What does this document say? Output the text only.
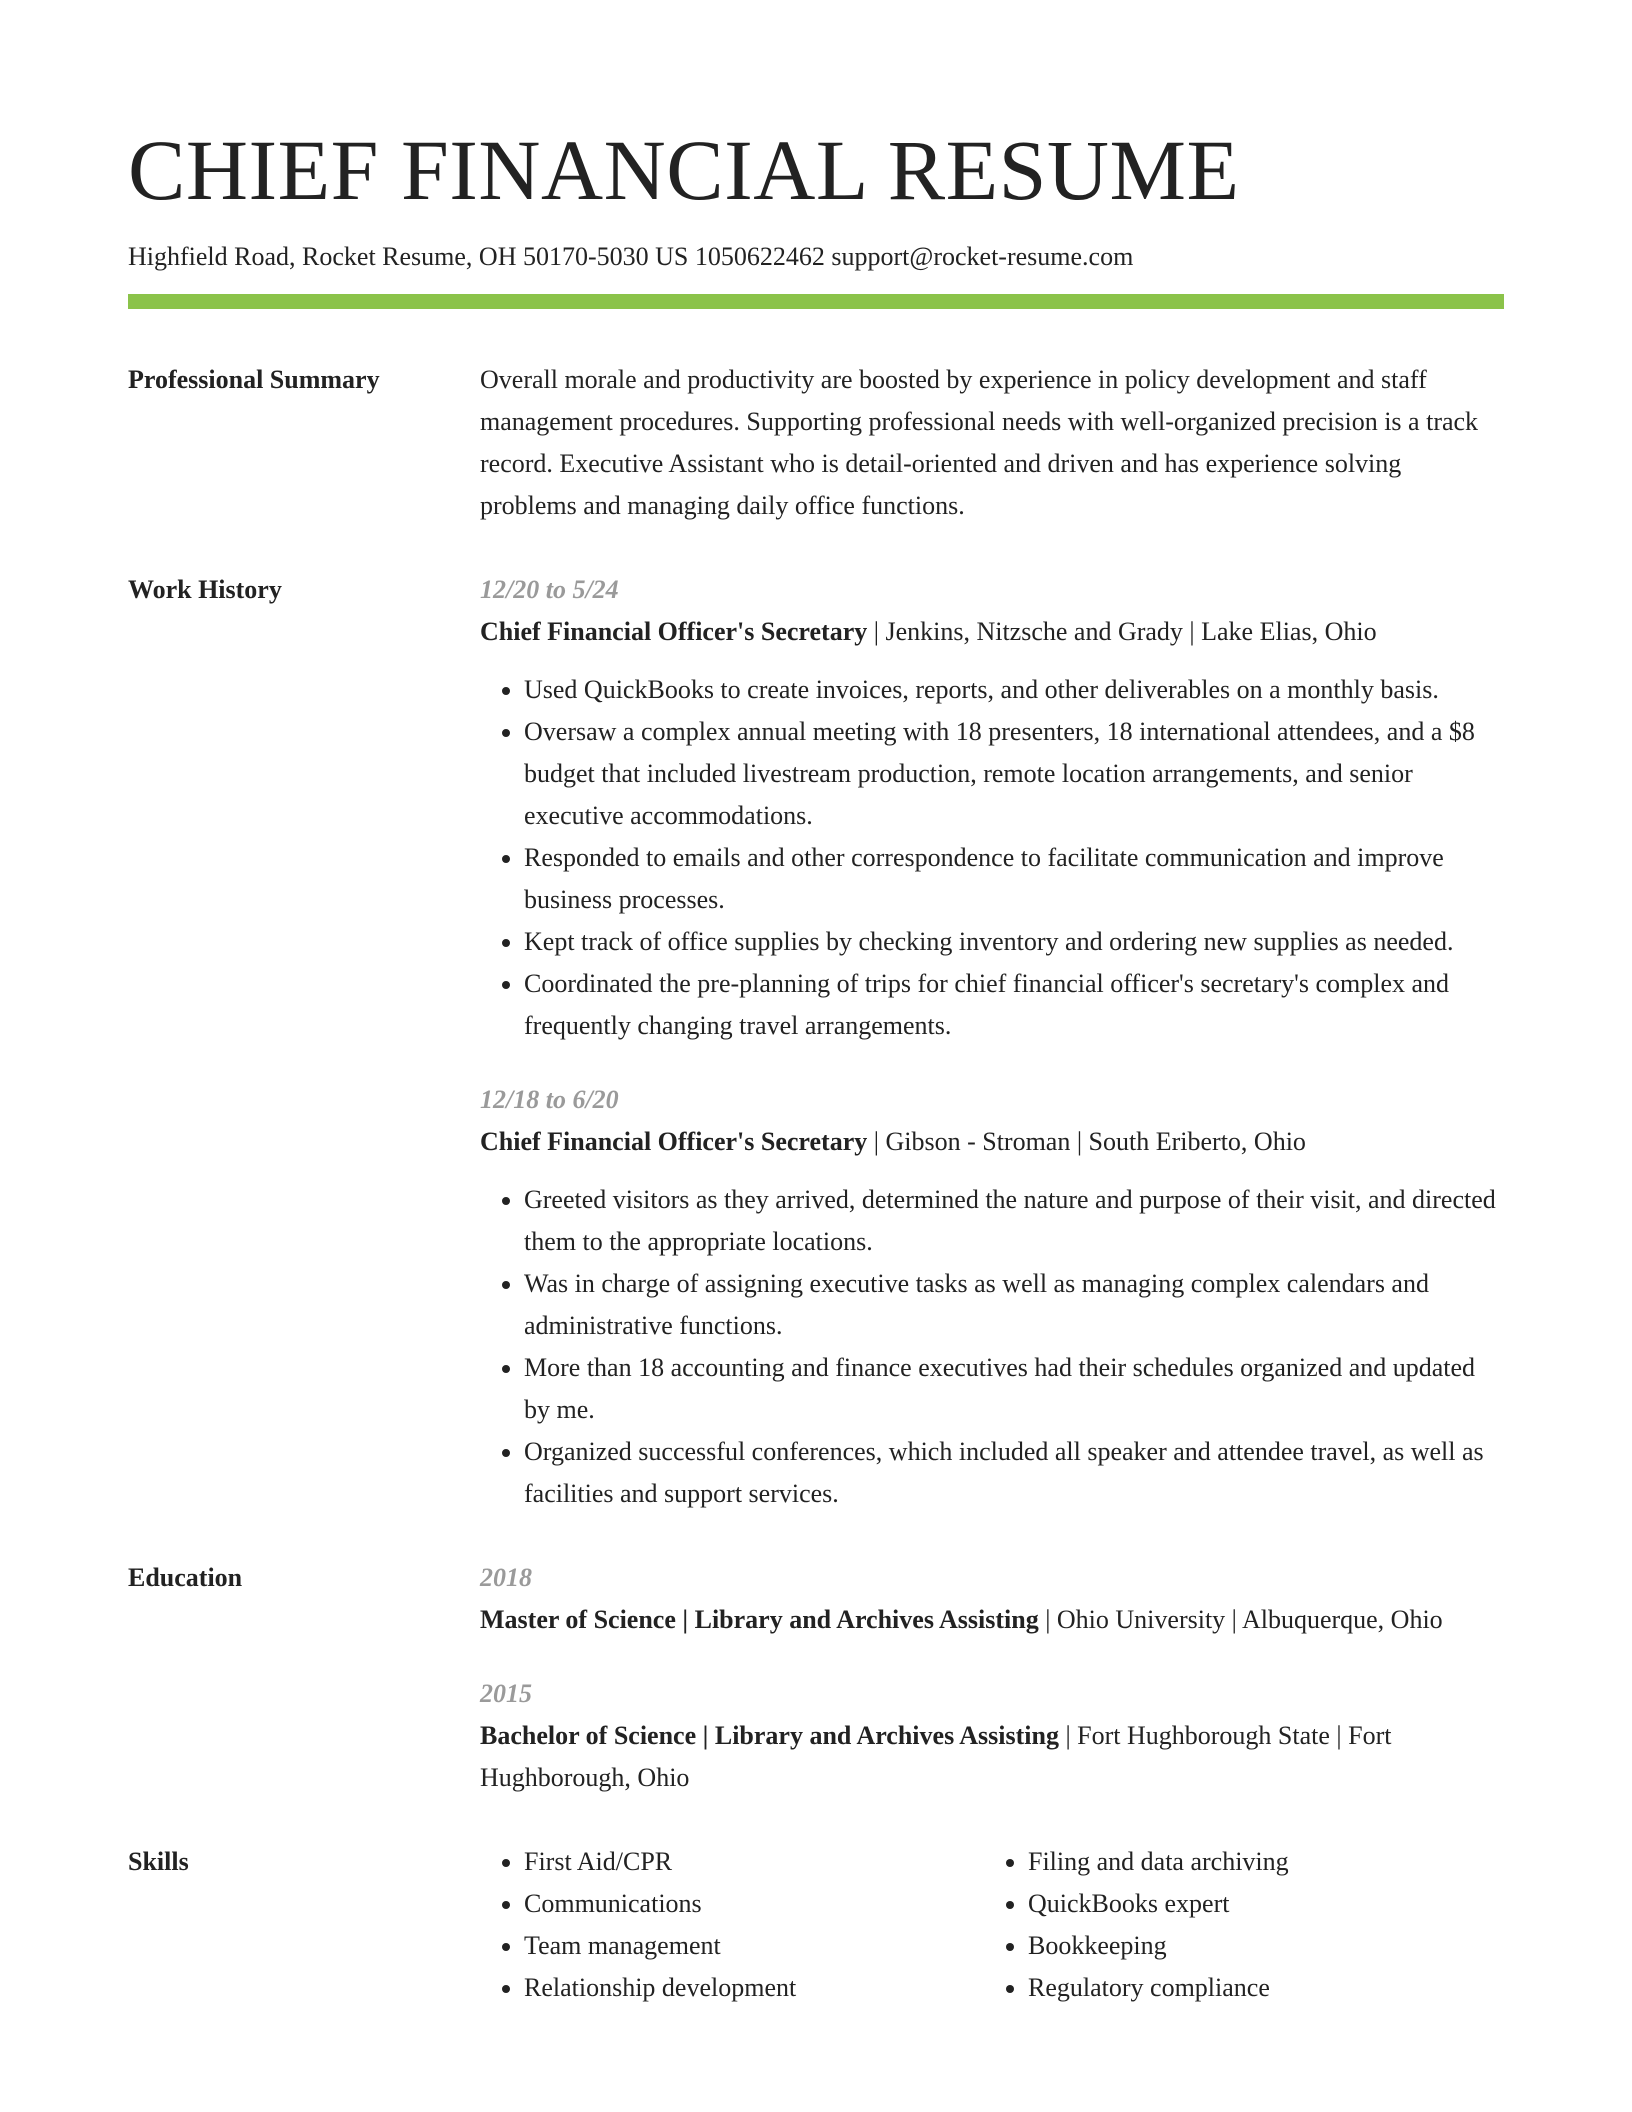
CHIEF FINANCIAL RESUME
Highfield Road, Rocket Resume, OH 50170-5030 US 1050622462 support@rocket-resume.com
Professional Summary	Overall morale and productivity are boosted by experience in policy development and staff management procedures. Supporting professional needs with well-organized precision is a track record. Executive Assistant who is detail-oriented and driven and has experience solving problems and managing daily office functions.

Work History	12/20 to 5/24
Chief Financial Officer's Secretary | Jenkins, Nitzsche and Grady | Lake Elias, Ohio
• Used QuickBooks to create invoices, reports, and other deliverables on a monthly basis.
• Oversaw a complex annual meeting with 18 presenters, 18 international attendees, and a $8 budget that included livestream production, remote location arrangements, and senior executive accommodations.
• Responded to emails and other correspondence to facilitate communication and improve business processes.
• Kept track of office supplies by checking inventory and ordering new supplies as needed.
• Coordinated the pre-planning of trips for chief financial officer's secretary's complex and frequently changing travel arrangements.
12/18 to 6/20
Chief Financial Officer's Secretary | Gibson - Stroman | South Eriberto, Ohio
• Greeted visitors as they arrived, determined the nature and purpose of their visit, and directed them to the appropriate locations.
• Was in charge of assigning executive tasks as well as managing complex calendars and administrative functions.
• More than 18 accounting and finance executives had their schedules organized and updated by me.
• Organized successful conferences, which included all speaker and attendee travel, as well as facilities and support services.
Education	2018
Master of Science | Library and Archives Assisting | Ohio University | Albuquerque, Ohio
2015
Bachelor of Science | Library and Archives Assisting | Fort Hughborough State | Fort Hughborough, Ohio
Skills
•	First Aid/CPR
• Communications
• Team management
• Relationship development
• Filing and data archiving
• QuickBooks expert
• Bookkeeping
• Regulatory compliance
